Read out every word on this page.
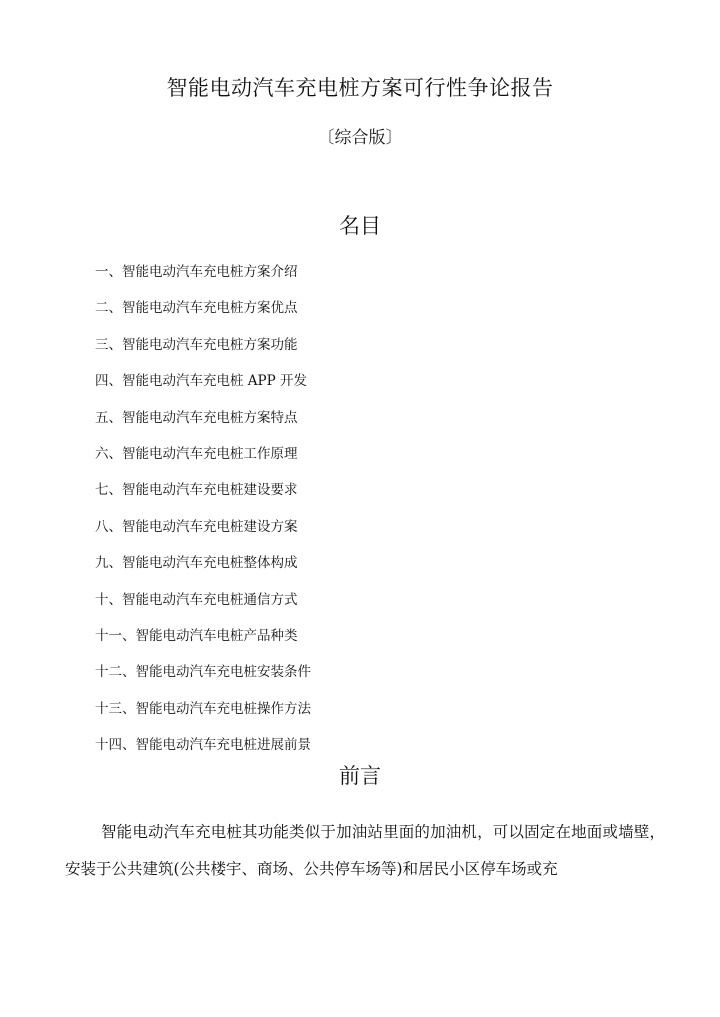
智能电动汽车充电桩方案可行性争论报告
〔综合版〕
名目
一、智能电动汽车充电桩方案介绍
二、智能电动汽车充电桩方案优点
三、智能电动汽车充电桩方案功能
四、智能电动汽车充电桩 APP 开发
五、智能电动汽车充电桩方案特点
六、智能电动汽车充电桩工作原理
七、智能电动汽车充电桩建设要求
八、智能电动汽车充电桩建设方案
九、智能电动汽车充电桩整体构成
十、智能电动汽车充电桩通信方式
十一、智能电动汽车电桩产品种类
十二、智能电动汽车充电桩安装条件
十三、智能电动汽车充电桩操作方法
十四、智能电动汽车充电桩进展前景
前言

智能电动汽车充电桩其功能类似于加油站里面的加油机，可以固定在地面或墙壁，安装于公共建筑(公共楼宇、商场、公共停车场等)和居民小区停车场或充
